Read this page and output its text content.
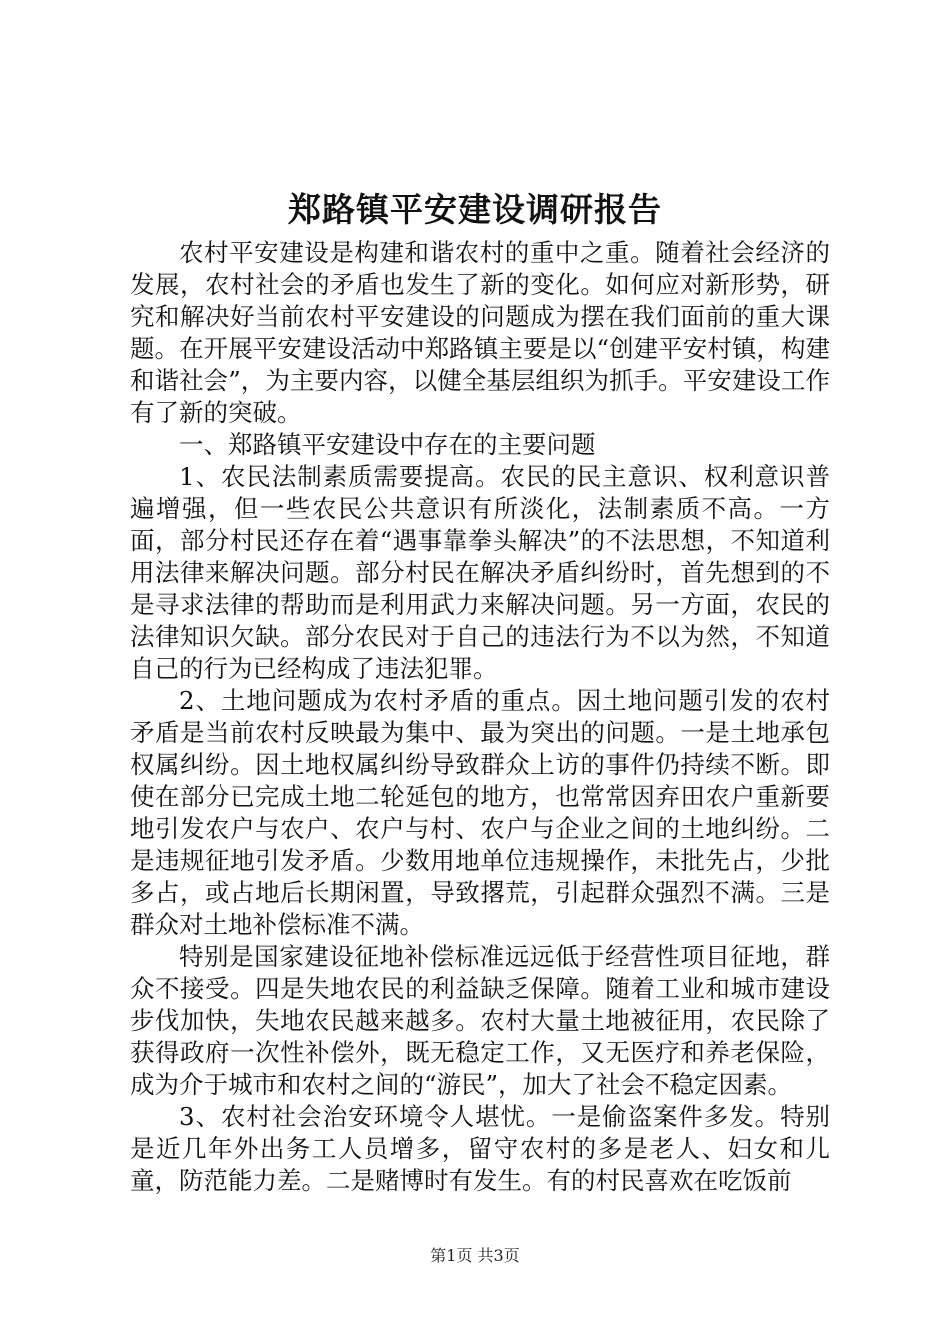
郑路镇平安建设调研报告

农村平安建设是构建和谐农村的重中之重。随着社会经济的发展，农村社会的矛盾也发生了新的变化。如何应对新形势，研究和解决好当前农村平安建设的问题成为摆在我们面前的重大课题。在开展平安建设活动中郑路镇主要是以“创建平安村镇，构建和谐社会”，为主要内容，以健全基层组织为抓手。平安建设工作有了新的突破。

一、郑路镇平安建设中存在的主要问题

1、农民法制素质需要提高。农民的民主意识、权利意识普遍增强，但一些农民公共意识有所淡化，法制素质不高。一方面，部分村民还存在着“遇事靠拳头解决”的不法思想，不知道利用法律来解决问题。部分村民在解决矛盾纠纷时，首先想到的不是寻求法律的帮助而是利用武力来解决问题。另一方面，农民的法律知识欠缺。部分农民对于自己的违法行为不以为然，不知道自己的行为已经构成了违法犯罪。

2、土地问题成为农村矛盾的重点。因土地问题引发的农村矛盾是当前农村反映最为集中、最为突出的问题。一是土地承包权属纠纷。因土地权属纠纷导致群众上访的事件仍持续不断。即使在部分已完成土地二轮延包的地方，也常常因弃田农户重新要地引发农户与农户、农户与村、农户与企业之间的土地纠纷。二是违规征地引发矛盾。少数用地单位违规操作，未批先占，少批多占，或占地后长期闲置，导致撂荒，引起群众强烈不满。三是群众对土地补偿标准不满。

特别是国家建设征地补偿标准远远低于经营性项目征地，群众不接受。四是失地农民的利益缺乏保障。随着工业和城市建设步伐加快，失地农民越来越多。农村大量土地被征用，农民除了获得政府一次性补偿外，既无稳定工作，又无医疗和养老保险，成为介于城市和农村之间的“游民”，加大了社会不稳定因素。

3、农村社会治安环境令人堪忧。一是偷盗案件多发。特别是近几年外出务工人员增多，留守农村的多是老人、妇女和儿童，防范能力差。二是赌博时有发生。有的村民喜欢在吃饭前

第1页 共3页
